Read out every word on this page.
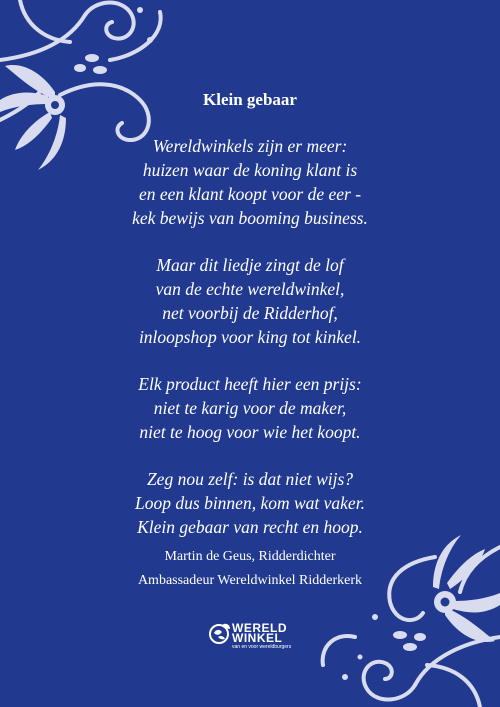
Klein gebaar
Wereldwinkels zijn er meer:
huizen waar de koning klant is
en een klant koopt voor de eer -
kek bewijs van booming business.
Maar dit liedje zingt de lof
van de echte wereldwinkel,
net voorbij de Ridderhof,
inloopshop voor king tot kinkel.
Elk product heeft hier een prijs:
niet te karig voor de maker,
niet te hoog voor wie het koopt.
Zeg nou zelf: is dat niet wijs?
Loop dus binnen, kom wat vaker.
Klein gebaar van recht en hoop.
Martin de Geus, Ridderdichter
Ambassadeur Wereldwinkel Ridderkerk
WERELD
WINKEL
van en voor wereldburgers
